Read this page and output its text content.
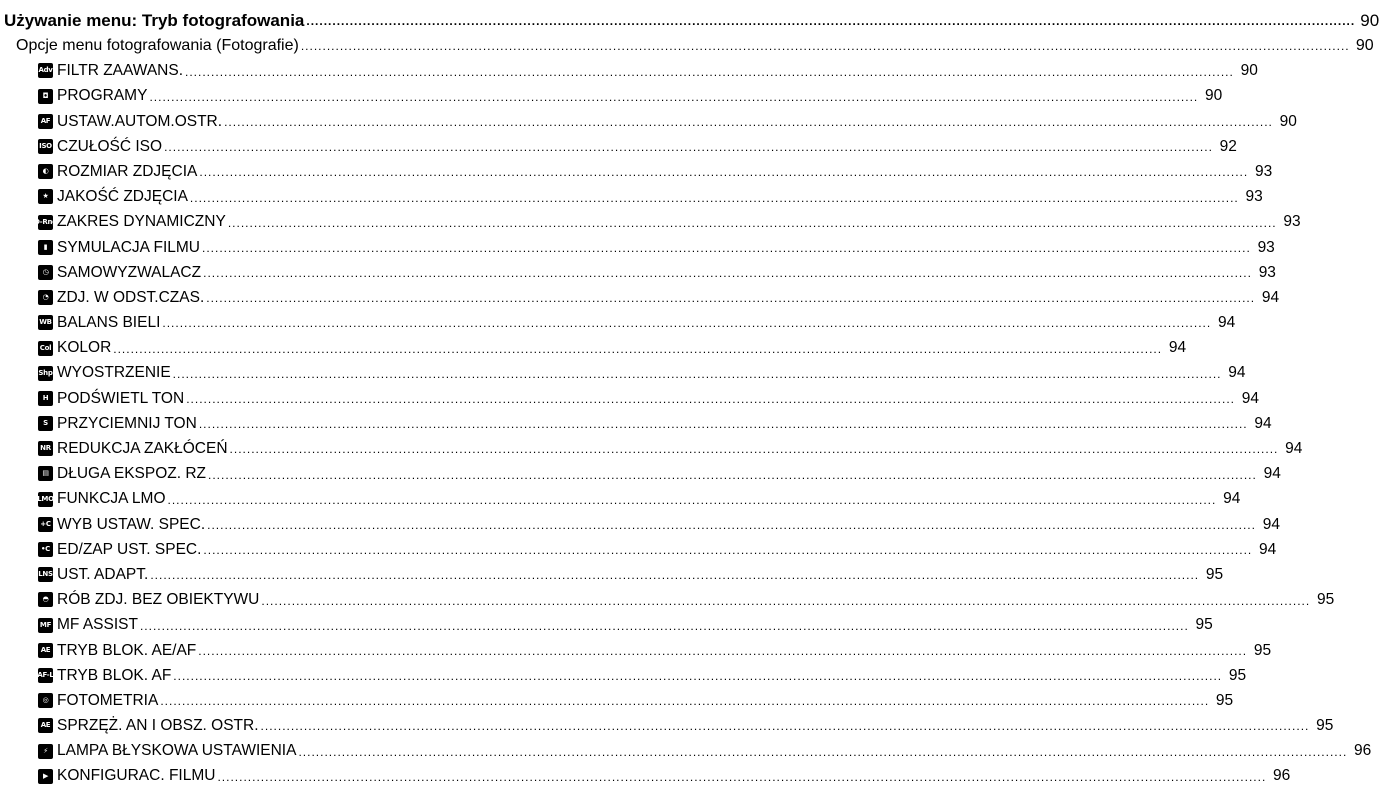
Używanie menu: Tryb fotografowania .....	90
Opcje menu fotografowania (Fotografie) .....	90
Adv FILTR ZAAWANS. .....	90
◘ PROGRAMY .....	90
AF USTAW.AUTOM.OSTR. .....	90
ISO CZUŁOŚĆ ISO .....	92
◐ ROZMIAR ZDJĘCIA .....	93
★ JAKOŚĆ ZDJĘCIA .....	93
D-Rng ZAKRES DYNAMICZNY .....	93
▮ SYMULACJA FILMU .....	93
◷ SAMOWYZWALACZ .....	93
◔ ZDJ. W ODST.CZAS. .....	94
WB BALANS BIELI .....	94
Col KOLOR .....	94
Shp WYOSTRZENIE .....	94
H PODŚWIETL TON .....	94
S PRZYCIEMNIJ TON .....	94
NR REDUKCJA ZAKŁÓCEŃ .....	94
▤ DŁUGA EKSPOZ. RZ .....	94
LMO FUNKCJA LMO .....	94
+C WYB USTAW. SPEC. .....	94
•C ED/ZAP UST. SPEC. .....	94
LNS UST. ADAPT. .....	95
◓ RÓB ZDJ. BEZ OBIEKTYWU .....	95
MF MF ASSIST .....	95
AE TRYB BLOK. AE/AF .....	95
AF-L TRYB BLOK. AF .....	95
◎ FOTOMETRIA .....	95
AE SPRZĘŻ. AN I OBSZ. OSTR. .....	95
⚡ LAMPA BŁYSKOWA USTAWIENIA .....	96
▶ KONFIGURAC. FILMU .....	96
